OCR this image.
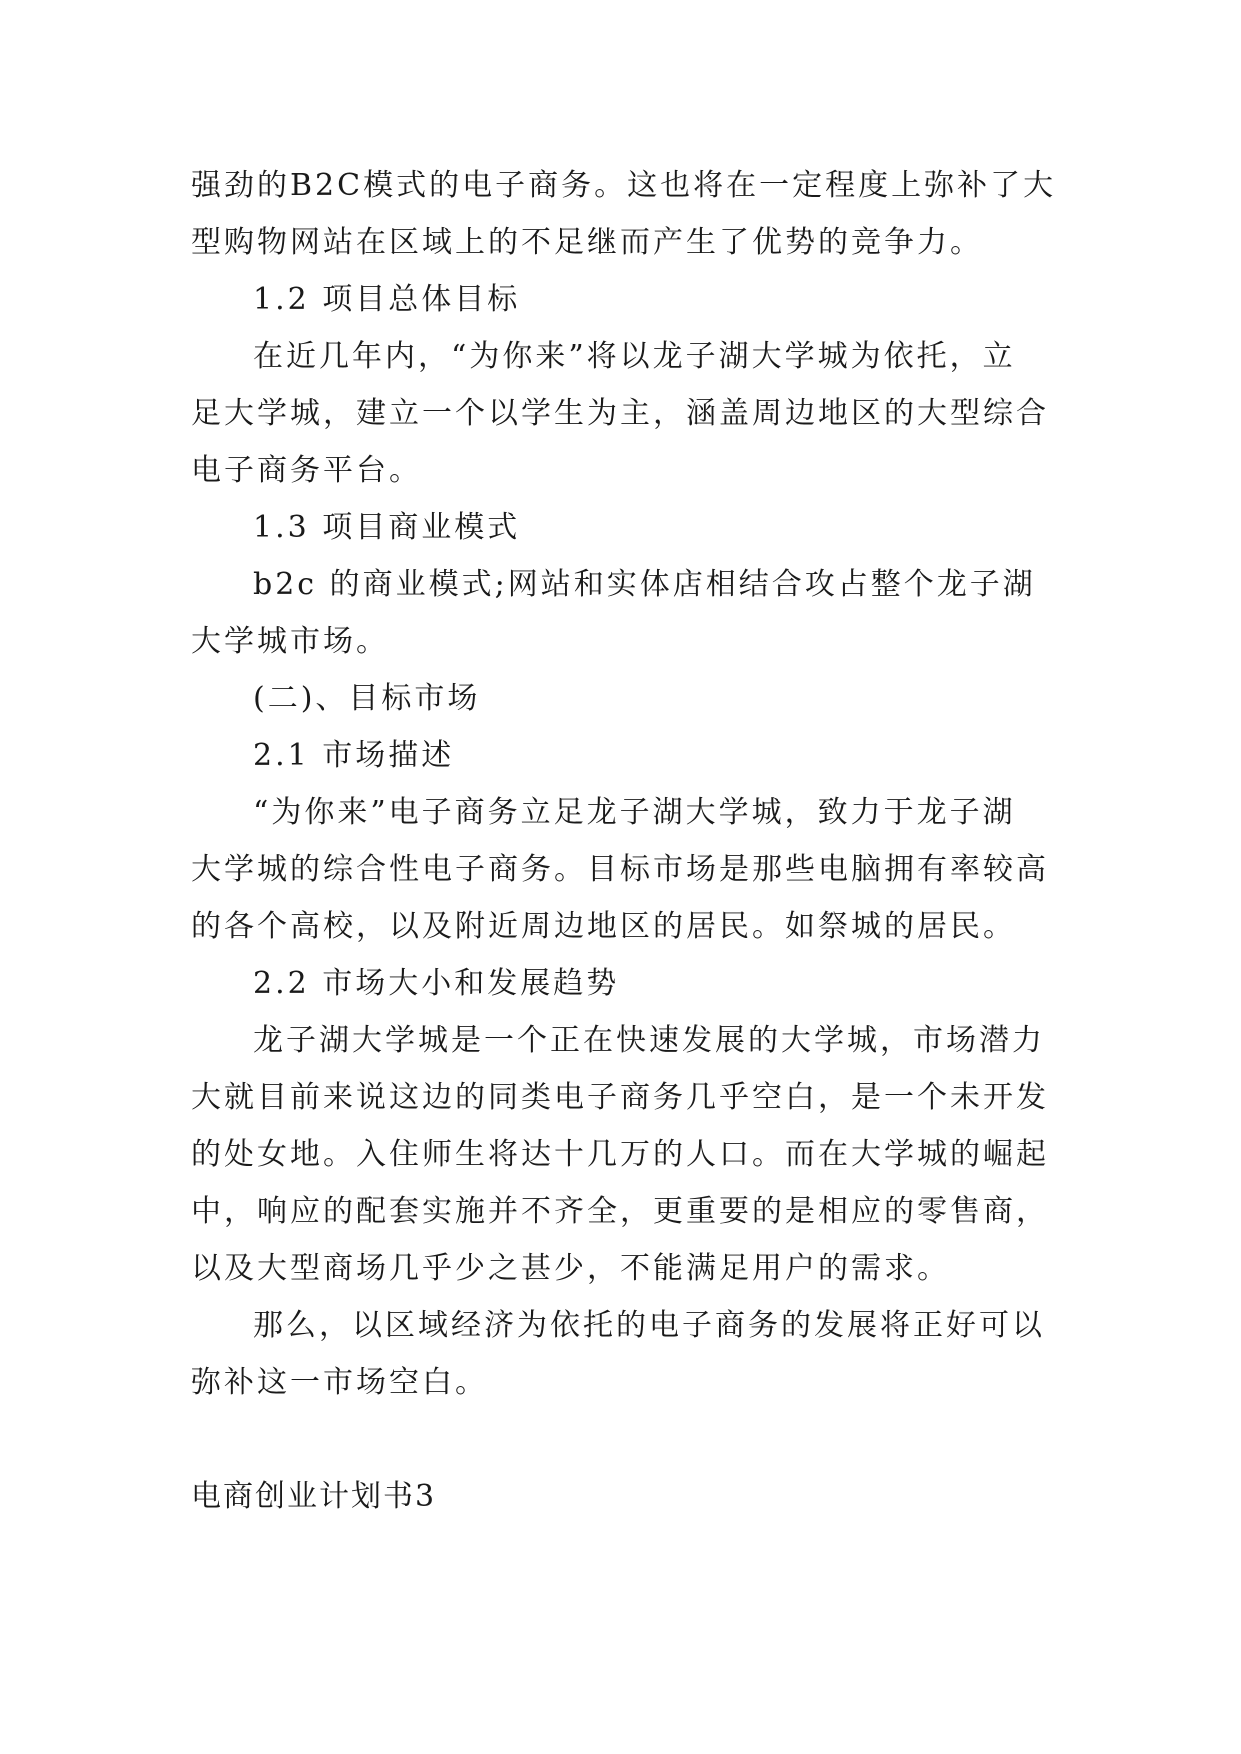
强劲的B2C模式的电子商务。这也将在一定程度上弥补了大
型购物网站在区域上的不足继而产生了优势的竞争力。
1.2 项目总体目标
在近几年内，“为你来”将以龙子湖大学城为依托，立
足大学城，建立一个以学生为主，涵盖周边地区的大型综合
电子商务平台。
1.3 项目商业模式
b2c 的商业模式;网站和实体店相结合攻占整个龙子湖
大学城市场。
(二)、目标市场
2.1 市场描述
“为你来”电子商务立足龙子湖大学城，致力于龙子湖
大学城的综合性电子商务。目标市场是那些电脑拥有率较高
的各个高校，以及附近周边地区的居民。如祭城的居民。
2.2 市场大小和发展趋势
龙子湖大学城是一个正在快速发展的大学城，市场潜力
大就目前来说这边的同类电子商务几乎空白，是一个未开发
的处女地。入住师生将达十几万的人口。而在大学城的崛起
中，响应的配套实施并不齐全，更重要的是相应的零售商，
以及大型商场几乎少之甚少，不能满足用户的需求。
那么，以区域经济为依托的电子商务的发展将正好可以
弥补这一市场空白。
电商创业计划书3
